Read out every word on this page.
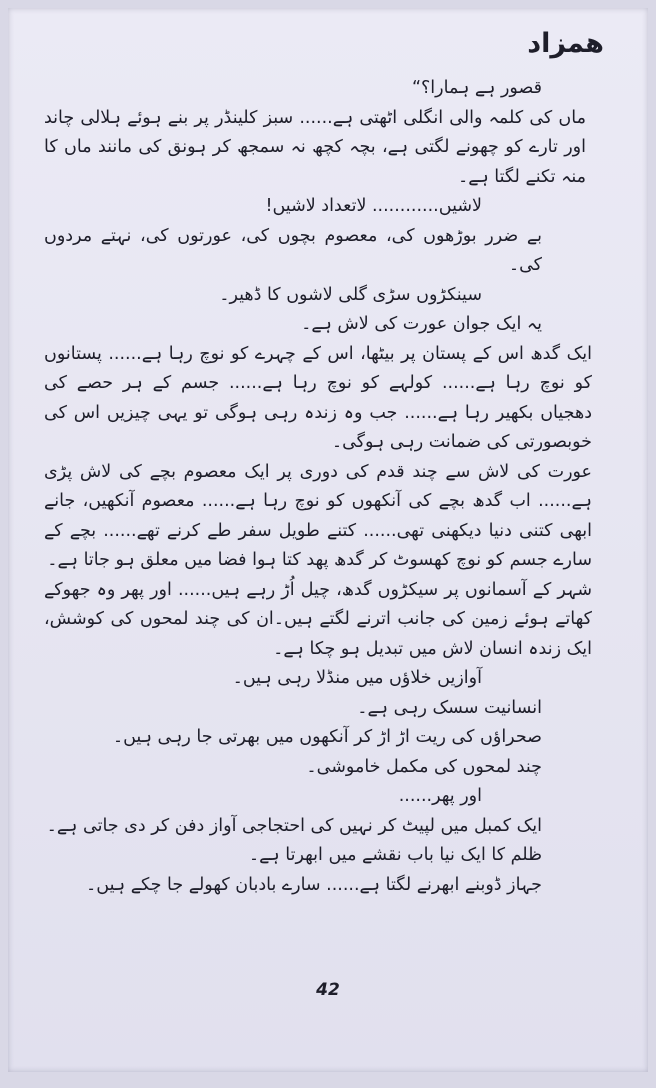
ھمزاد

قصور ہے ہمارا؟“

ماں کی کلمہ والی انگلی اٹھتی ہے...... سبز کلینڈر پر بنے ہوئے ہلالی چاند اور تارے کو چھونے لگتی ہے، بچہ کچھ نہ سمجھ کر ہونق کی مانند ماں کا منہ تکنے لگتا ہے۔

لاشیں............ لاتعداد لاشیں!

بے ضرر بوڑھوں کی، معصوم بچوں کی، عورتوں کی، نہتے مردوں کی۔

سینکڑوں سڑی گلی لاشوں کا ڈھیر۔

یہ ایک جوان عورت کی لاش ہے۔

ایک گدھ اس کے پستان پر بیٹھا، اس کے چہرے کو نوچ رہا ہے...... پستانوں کو نوچ رہا ہے...... کولہے کو نوچ رہا ہے...... جسم کے ہر حصے کی دھجیاں بکھیر رہا ہے...... جب وہ زندہ رہی ہوگی تو یہی چیزیں اس کی خوبصورتی کی ضمانت رہی ہوگی۔

عورت کی لاش سے چند قدم کی دوری پر ایک معصوم بچے کی لاش پڑی ہے...... اب گدھ بچے کی آنکھوں کو نوچ رہا ہے...... معصوم آنکھیں، جانے ابھی کتنی دنیا دیکھنی تھی...... کتنے طویل سفر طے کرنے تھے...... بچے کے سارے جسم کو نوچ کھسوٹ کر گدھ پھد کتا ہوا فضا میں معلق ہو جاتا ہے۔

شہر کے آسمانوں پر سیکڑوں گدھ، چیل اُڑ رہے ہیں...... اور پھر وہ جھوکے کھاتے ہوئے زمین کی جانب اترنے لگتے ہیں۔ان کی چند لمحوں کی کوشش، ایک زندہ انسان لاش میں تبدیل ہو چکا ہے۔

آوازیں خلاؤں میں منڈلا رہی ہیں۔

انسانیت سسک رہی ہے۔

صحراؤں کی ریت اڑ اڑ کر آنکھوں میں بھرتی جا رہی ہیں۔

چند لمحوں کی مکمل خاموشی۔

اور پھر......

ایک کمبل میں لپیٹ کر نہیں کی احتجاجی آواز دفن کر دی جاتی ہے۔

ظلم کا ایک نیا باب نقشے میں ابھرتا ہے۔

جہاز ڈوبنے ابھرنے لگتا ہے...... سارے بادبان کھولے جا چکے ہیں۔

42
